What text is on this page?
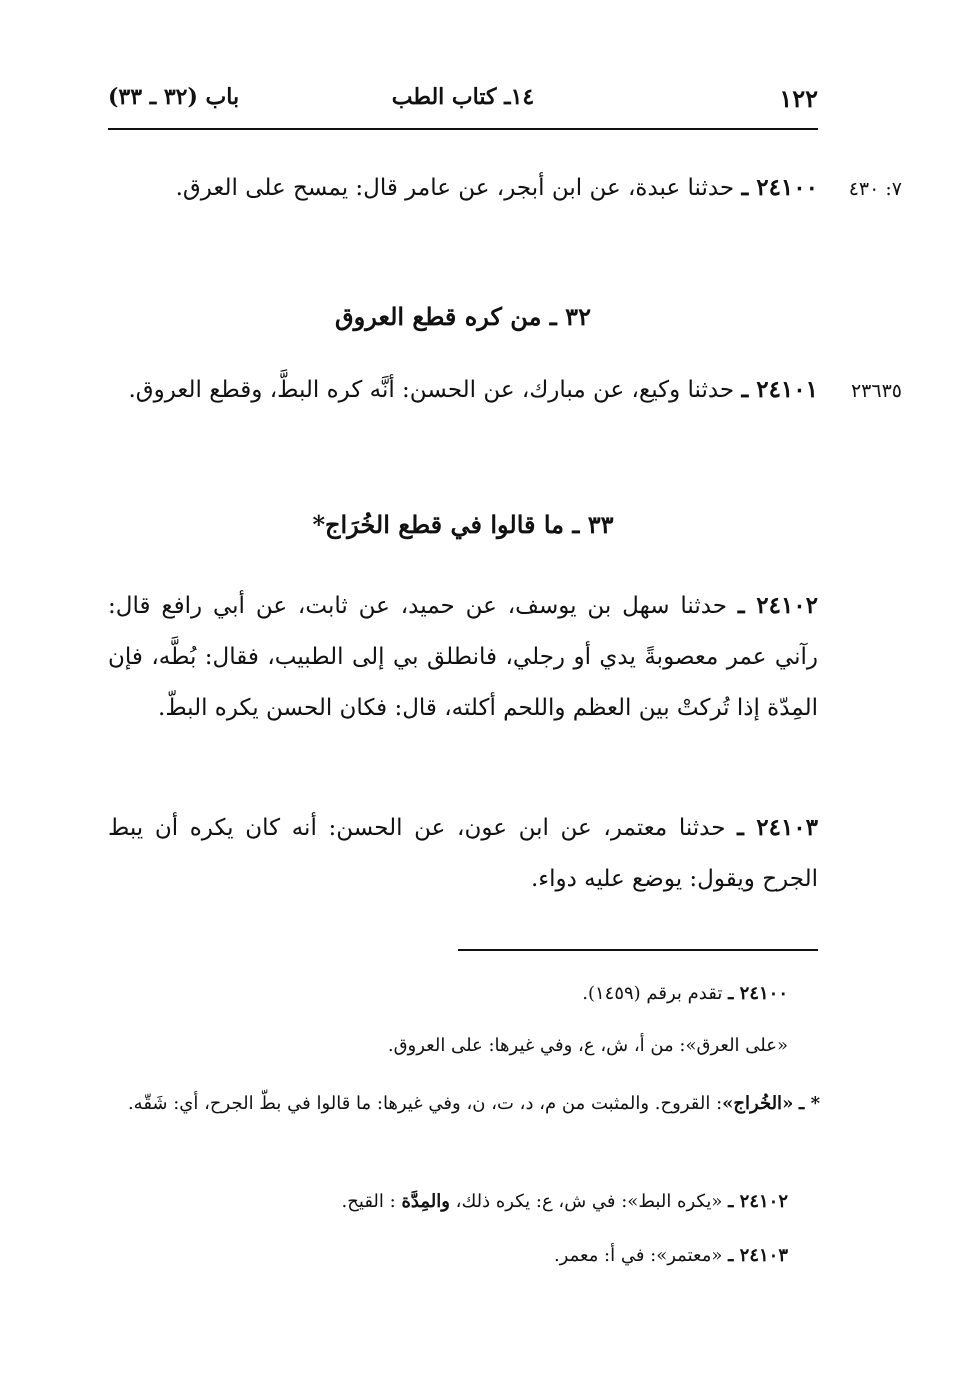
١٢٢
١٤ـ كتاب الطب
باب (٣٢ ـ ٣٣)
٧: ٤٣٠
٢٤١٠٠ ـ حدثنا عبدة، عن ابن أبجر، عن عامر قال: يمسح على العرق.
٣٢ ـ من كره قطع العروق
٢٣٦٣٥
٢٤١٠١ ـ حدثنا وكيع، عن مبارك، عن الحسن: أنَّه كره البطَّ، وقطع العروق.
٣٣ ـ ما قالوا في قطع الخُرَاج*
٢٤١٠٢ ـ حدثنا سهل بن يوسف، عن حميد، عن ثابت، عن أبي رافع قال: رآني عمر معصوبةً يدي أو رجلي، فانطلق بي إلى الطبيب، فقال: بُطَّه، فإن المِدّة إذا تُركتْ بين العظم واللحم أكلته، قال: فكان الحسن يكره البطّ.
٢٤١٠٣ ـ حدثنا معتمر، عن ابن عون، عن الحسن: أنه كان يكره أن يبط الجرح ويقول: يوضع عليه دواء.
٢٤١٠٠ ـ تقدم برقم (١٤٥٩).
«على العرق»: من أ، ش، ع، وفي غيرها: على العروق.
* ـ «الخُراج»: القروح. والمثبت من م، د، ت، ن، وفي غيرها: ما قالوا في بطّ الجرح، أي: شَقّه.
٢٤١٠٢ ـ «يكره البط»: في ش، ع: يكره ذلك، والمِدَّة : القيح.
٢٤١٠٣ ـ «معتمر»: في أ: معمر.
